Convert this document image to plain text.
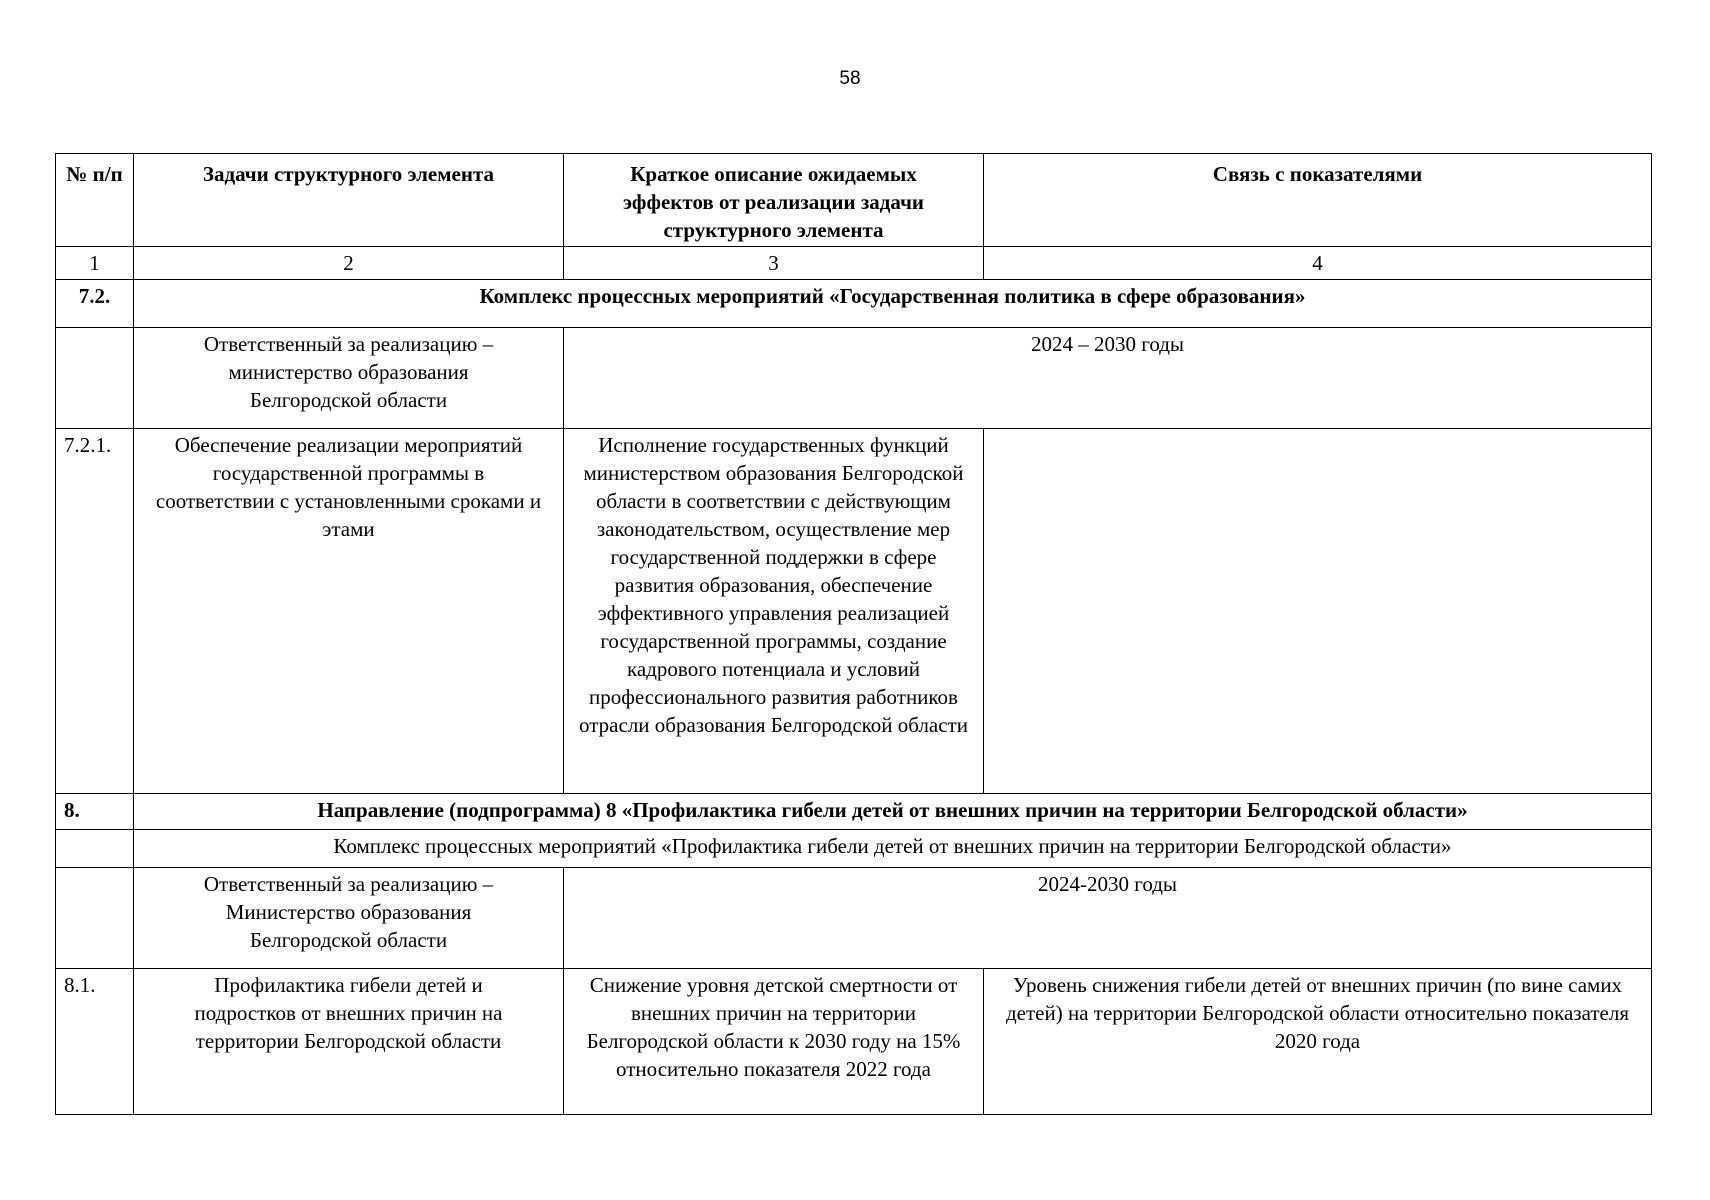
58
№ п/п	Задачи структурного элемента	Краткое описание ожидаемых эффектов от реализации задачи структурного элемента	Связь с показателями
1	2	3	4
7.2.	Комплекс процессных мероприятий «Государственная политика в сфере образования»		
	Ответственный за реализацию – министерство образования Белгородской области	2024 – 2030 годы	
7.2.1.	Обеспечение реализации мероприятий государственной программы в соответствии с установленными сроками и этами	Исполнение государственных функций министерством образования Белгородской области в соответствии с действующим законодательством, осуществление мер государственной поддержки в сфере развития образования, обеспечение эффективного управления реализацией государственной программы, создание кадрового потенциала и условий профессионального развития работников отрасли образования Белгородской области	
8.	Направление (подпрограмма) 8 «Профилактика гибели детей от внешних причин на территории Белгородской области»		
	Комплекс процессных мероприятий «Профилактика гибели детей от внешних причин на территории Белгородской области»		
	Ответственный за реализацию – Министерство образования Белгородской области	2024-2030 годы	
8.1.	Профилактика гибели детей и подростков от внешних причин на территории Белгородской области	Снижение уровня детской смертности от внешних причин на территории Белгородской области к 2030 году на 15% относительно показателя 2022 года	Уровень снижения гибели детей от внешних причин (по вине самих детей) на территории Белгородской области относительно показателя 2020 года
